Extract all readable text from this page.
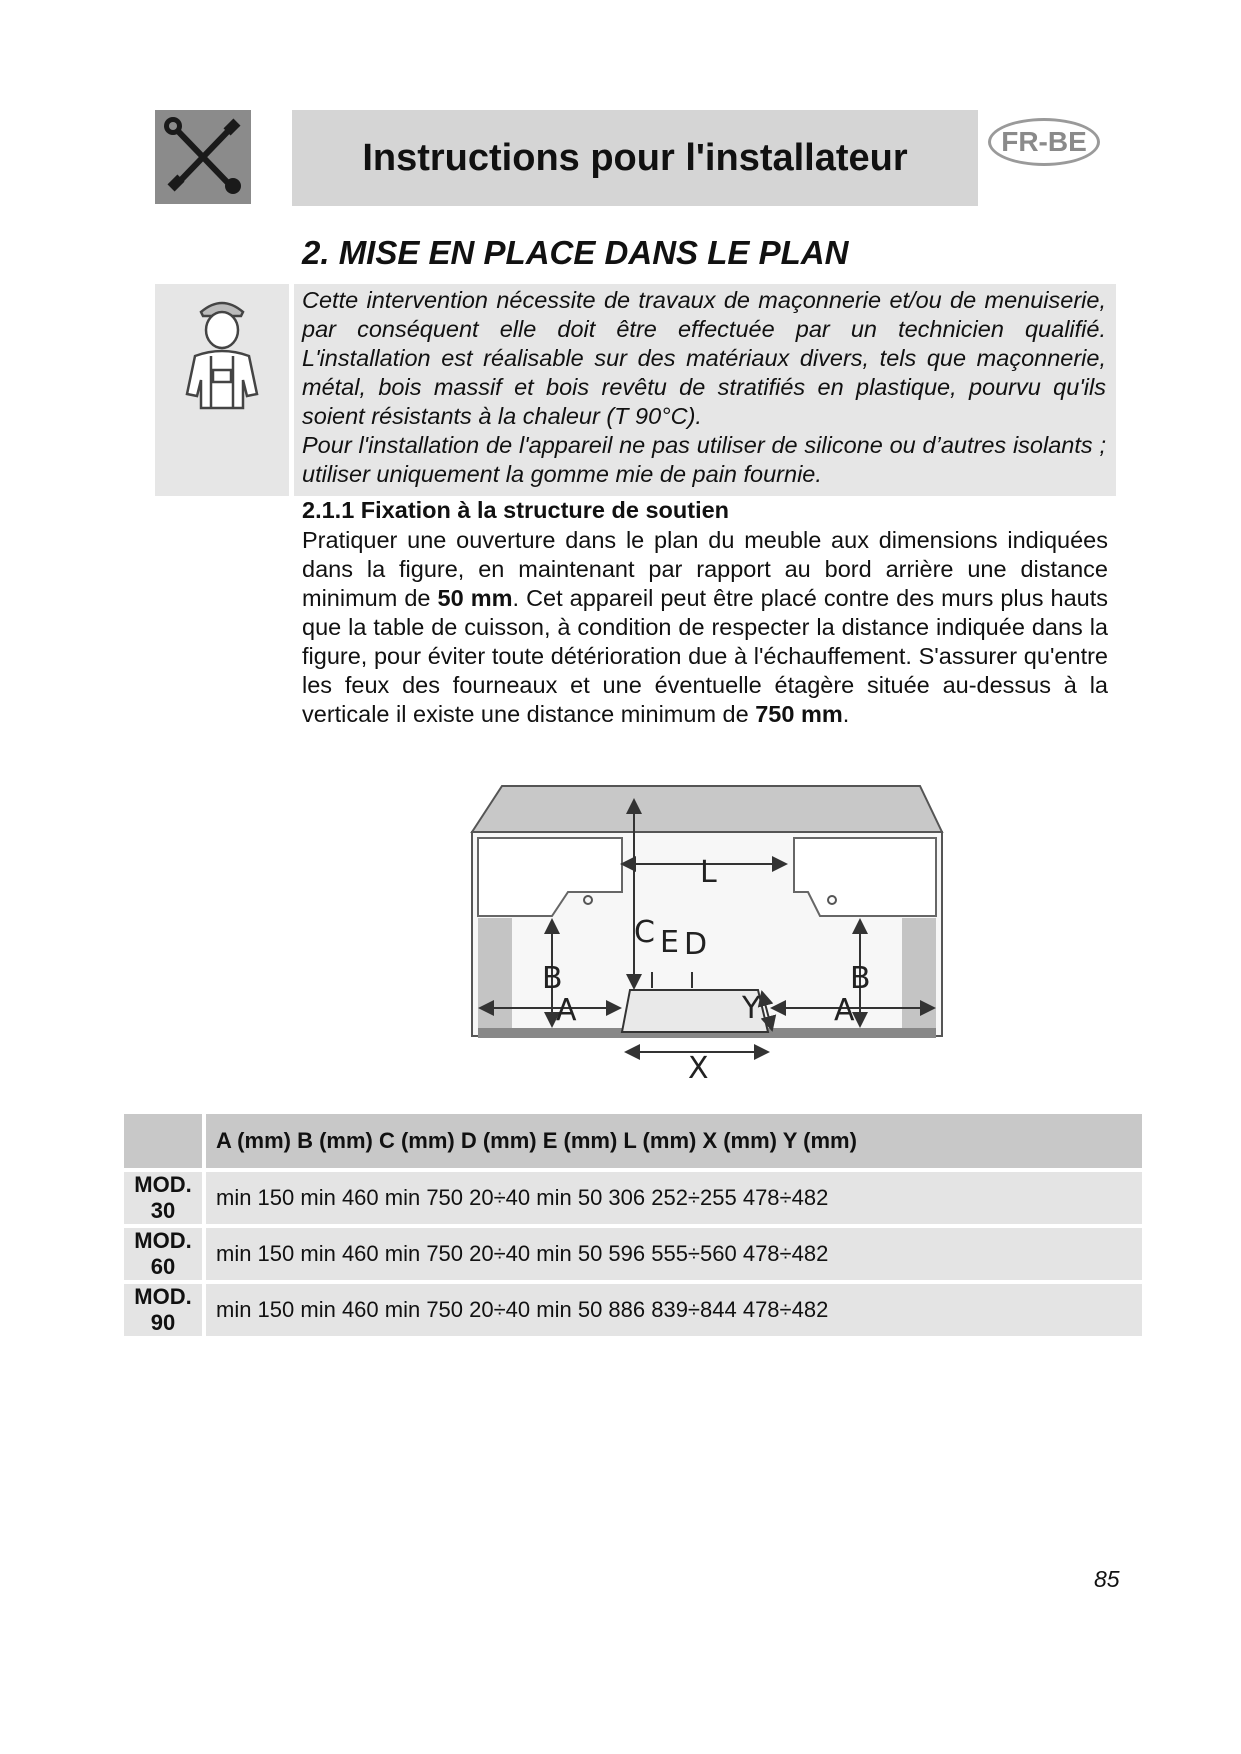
Instructions pour l'installateur	FR-BE
2. MISE EN PLACE DANS LE PLAN

Cette intervention nécessite de travaux de maçonnerie et/ou de menuiserie, par conséquent elle doit être effectuée par un technicien qualifié. L'installation est réalisable sur des matériaux divers, tels que maçonnerie, métal, bois massif et bois revêtu de stratifiés en plastique, pourvu qu'ils soient résistants à la chaleur (T 90°C).
Pour l'installation de l'appareil ne pas utiliser de silicone ou d’autres isolants ; utiliser uniquement la gomme mie de pain fournie.

2.1.1 Fixation à la structure de soutien

Pratiquer une ouverture dans le plan du meuble aux dimensions indiquées dans la figure, en maintenant par rapport au bord arrière une distance minimum de 50 mm. Cet appareil peut être placé contre des murs plus hauts que la table de cuisson, à condition de respecter la distance indiquée dans la figure, pour éviter toute détérioration due à l'échauffement. S'assurer qu'entre les feux des fourneaux et une éventuelle étagère située au-dessus à la verticale il existe une distance minimum de 750 mm.

L
C E D
B	B
A	A
Y
X
	A (mm) B (mm) C (mm) D (mm) E (mm) L (mm) X (mm) Y (mm)
MOD.
30	min 150 min 460 min 750 20÷40 min 50 306 252÷255 478÷482
MOD.
60	min 150 min 460 min 750 20÷40 min 50 596 555÷560 478÷482
MOD.
90	min 150 min 460 min 750 20÷40 min 50 886 839÷844 478÷482
85
